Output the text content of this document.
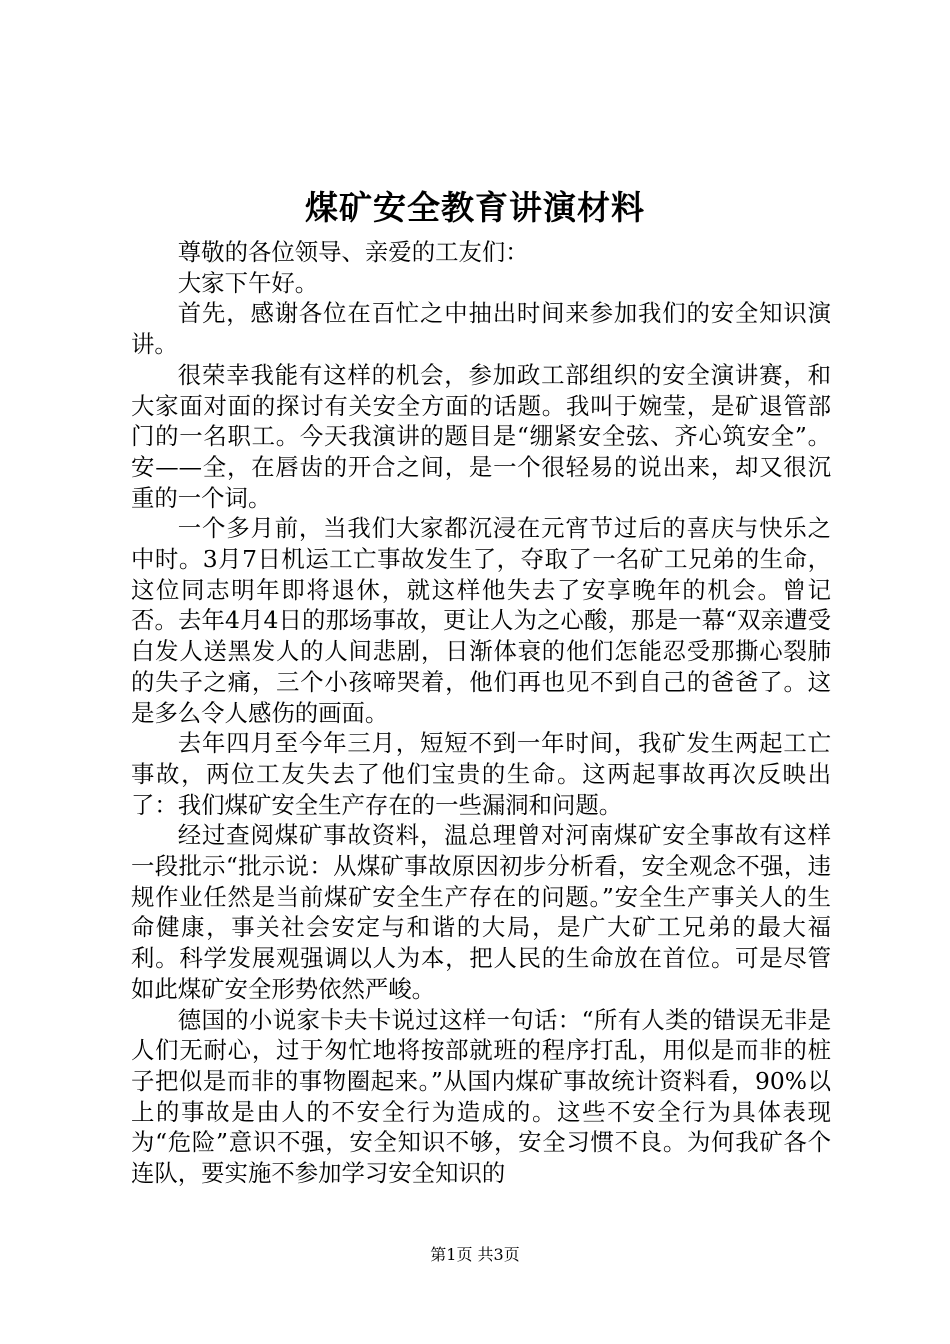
煤矿安全教育讲演材料

尊敬的各位领导、亲爱的工友们：

大家下午好。

首先，感谢各位在百忙之中抽出时间来参加我们的安全知识演讲。

很荣幸我能有这样的机会，参加政工部组织的安全演讲赛，和大家面对面的探讨有关安全方面的话题。我叫于婉莹，是矿退管部门的一名职工。今天我演讲的题目是“绷紧安全弦、齐心筑安全”。安——全，在唇齿的开合之间，是一个很轻易的说出来，却又很沉重的一个词。

一个多月前，当我们大家都沉浸在元宵节过后的喜庆与快乐之中时。3月7日机运工亡事故发生了，夺取了一名矿工兄弟的生命，这位同志明年即将退休，就这样他失去了安享晚年的机会。曾记否。去年4月4日的那场事故，更让人为之心酸，那是一幕“双亲遭受白发人送黑发人的人间悲剧，日渐体衰的他们怎能忍受那撕心裂肺的失子之痛，三个小孩啼哭着，他们再也见不到自己的爸爸了。这是多么令人感伤的画面。

去年四月至今年三月，短短不到一年时间，我矿发生两起工亡事故，两位工友失去了他们宝贵的生命。这两起事故再次反映出了：我们煤矿安全生产存在的一些漏洞和问题。

经过查阅煤矿事故资料，温总理曾对河南煤矿安全事故有这样一段批示“批示说：从煤矿事故原因初步分析看，安全观念不强，违规作业任然是当前煤矿安全生产存在的问题。”安全生产事关人的生命健康，事关社会安定与和谐的大局，是广大矿工兄弟的最大福利。科学发展观强调以人为本，把人民的生命放在首位。可是尽管如此煤矿安全形势依然严峻。

德国的小说家卡夫卡说过这样一句话：“所有人类的错误无非是人们无耐心，过于匆忙地将按部就班的程序打乱，用似是而非的桩子把似是而非的事物圈起来。”从国内煤矿事故统计资料看，90%以上的事故是由人的不安全行为造成的。这些不安全行为具体表现为“危险”意识不强，安全知识不够，安全习惯不良。为何我矿各个连队，要实施不参加学习安全知识的

第1页 共3页
